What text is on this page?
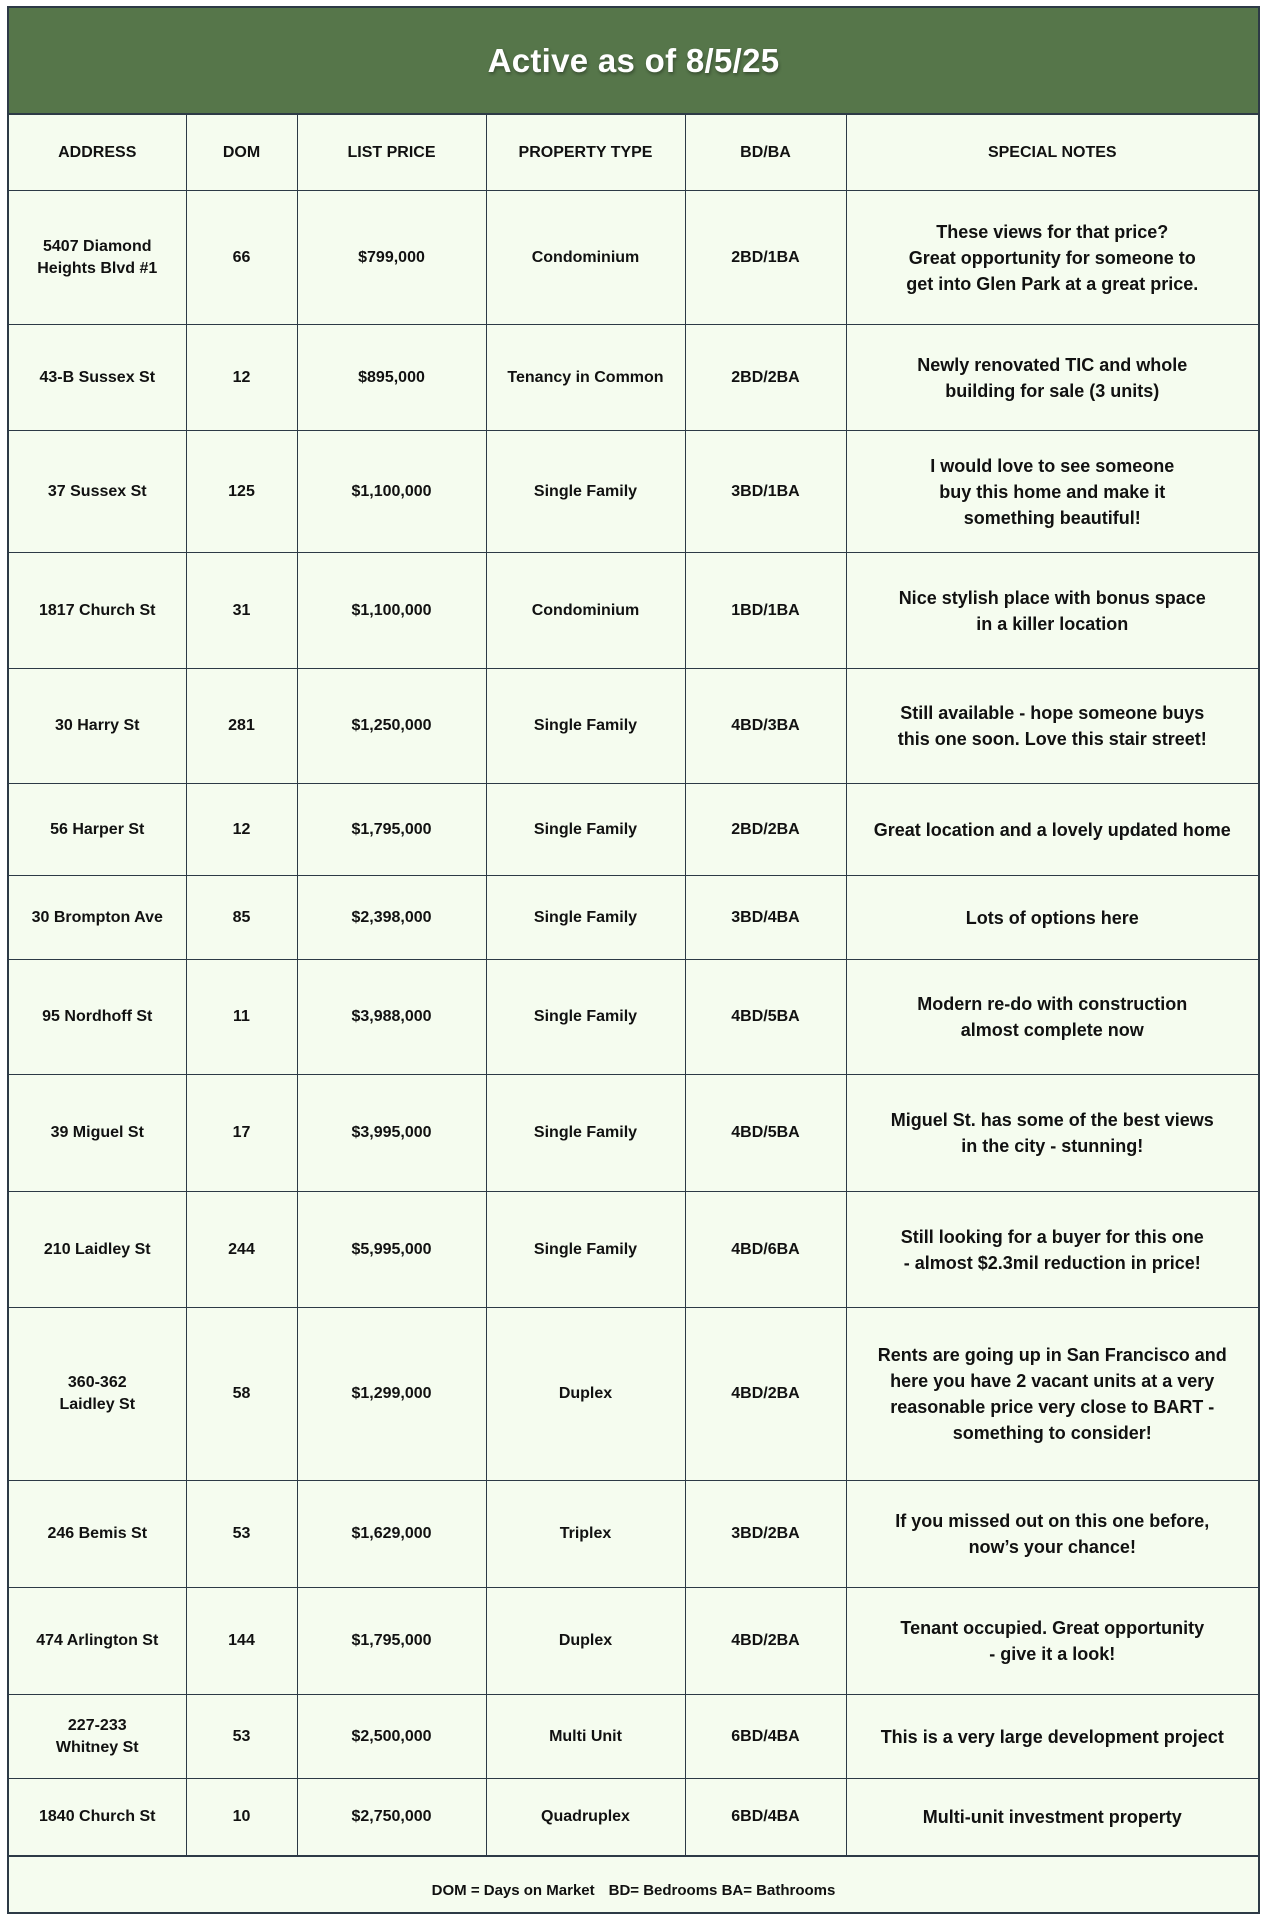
Active as of 8/5/25
ADDRESS	DOM	LIST PRICE	PROPERTY TYPE	BD/BA	SPECIAL NOTES
5407 Diamond
Heights Blvd #1	66	$799,000	Condominium	2BD/1BA	These views for that price?
Great opportunity for someone to
get into Glen Park at a great price.
43-B Sussex St	12	$895,000	Tenancy in Common	2BD/2BA	Newly renovated TIC and whole
building for sale (3 units)
37 Sussex St	125	$1,100,000	Single Family	3BD/1BA	I would love to see someone
buy this home and make it
something beautiful!
1817 Church St	31	$1,100,000	Condominium	1BD/1BA	Nice stylish place with bonus space
in a killer location
30 Harry St	281	$1,250,000	Single Family	4BD/3BA	Still available - hope someone buys
this one soon. Love this stair street!
56 Harper St	12	$1,795,000	Single Family	2BD/2BA	Great location and a lovely updated home
30 Brompton Ave	85	$2,398,000	Single Family	3BD/4BA	Lots of options here
95 Nordhoff St	11	$3,988,000	Single Family	4BD/5BA	Modern re-do with construction
almost complete now
39 Miguel St	17	$3,995,000	Single Family	4BD/5BA	Miguel St. has some of the best views
in the city - stunning!
210 Laidley St	244	$5,995,000	Single Family	4BD/6BA	Still looking for a buyer for this one
- almost $2.3mil reduction in price!
360-362
Laidley St	58	$1,299,000	Duplex	4BD/2BA	Rents are going up in San Francisco and
here you have 2 vacant units at a very
reasonable price very close to BART -
something to consider!
246 Bemis St	53	$1,629,000	Triplex	3BD/2BA	If you missed out on this one before,
now’s your chance!
474 Arlington St	144	$1,795,000	Duplex	4BD/2BA	Tenant occupied. Great opportunity
- give it a look!
227-233
Whitney St	53	$2,500,000	Multi Unit	6BD/4BA	This is a very large development project
1840 Church St	10	$2,750,000	Quadruplex	6BD/4BA	Multi-unit investment property
DOM = Days on Market BD= Bedrooms BA= Bathrooms
